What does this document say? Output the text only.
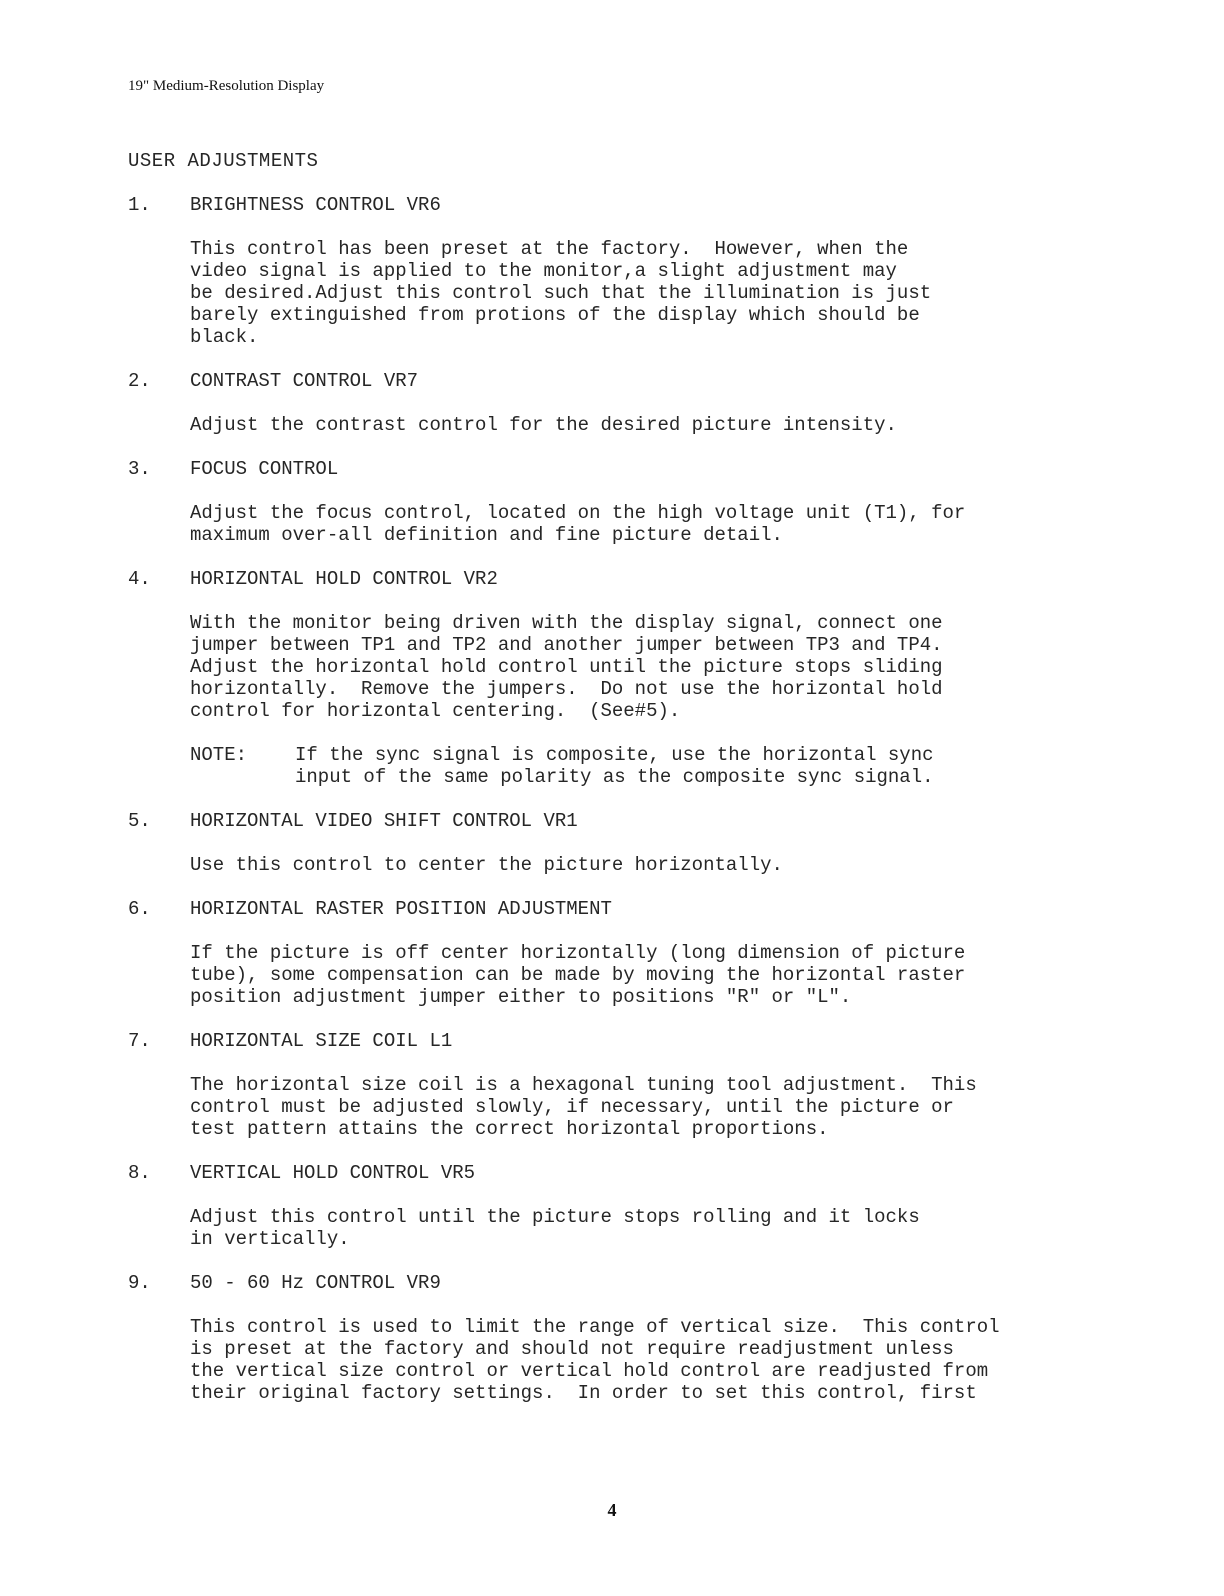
19" Medium-Resolution Display
USER ADJUSTMENTS
1.	BRIGHTNESS CONTROL VR6
This control has been preset at the factory.  However, when the
video signal is applied to the monitor,a slight adjustment may
be desired.Adjust this control such that the illumination is just
barely extinguished from protions of the display which should be
black.
2.	CONTRAST CONTROL VR7
Adjust the contrast control for the desired picture intensity.
3.	FOCUS CONTROL
Adjust the focus control, located on the high voltage unit (T1), for
maximum over-all definition and fine picture detail.
4.	HORIZONTAL HOLD CONTROL VR2
With the monitor being driven with the display signal, connect one
jumper between TP1 and TP2 and another jumper between TP3 and TP4.
Adjust the horizontal hold control until the picture stops sliding
horizontally.  Remove the jumpers.  Do not use the horizontal hold
control for horizontal centering.  (See#5).
NOTE:	If the sync signal is composite, use the horizontal sync
input of the same polarity as the composite sync signal.
5.	HORIZONTAL VIDEO SHIFT CONTROL VR1
Use this control to center the picture horizontally.
6.	HORIZONTAL RASTER POSITION ADJUSTMENT
If the picture is off center horizontally (long dimension of picture
tube), some compensation can be made by moving the horizontal raster
position adjustment jumper either to positions "R" or "L".
7.	HORIZONTAL SIZE COIL L1
The horizontal size coil is a hexagonal tuning tool adjustment.  This
control must be adjusted slowly, if necessary, until the picture or
test pattern attains the correct horizontal proportions.
8.	VERTICAL HOLD CONTROL VR5
Adjust this control until the picture stops rolling and it locks
in vertically.
9.	50 - 60 Hz CONTROL VR9
This control is used to limit the range of vertical size.  This control
is preset at the factory and should not require readjustment unless
the vertical size control or vertical hold control are readjusted from
their original factory settings.  In order to set this control, first
4
